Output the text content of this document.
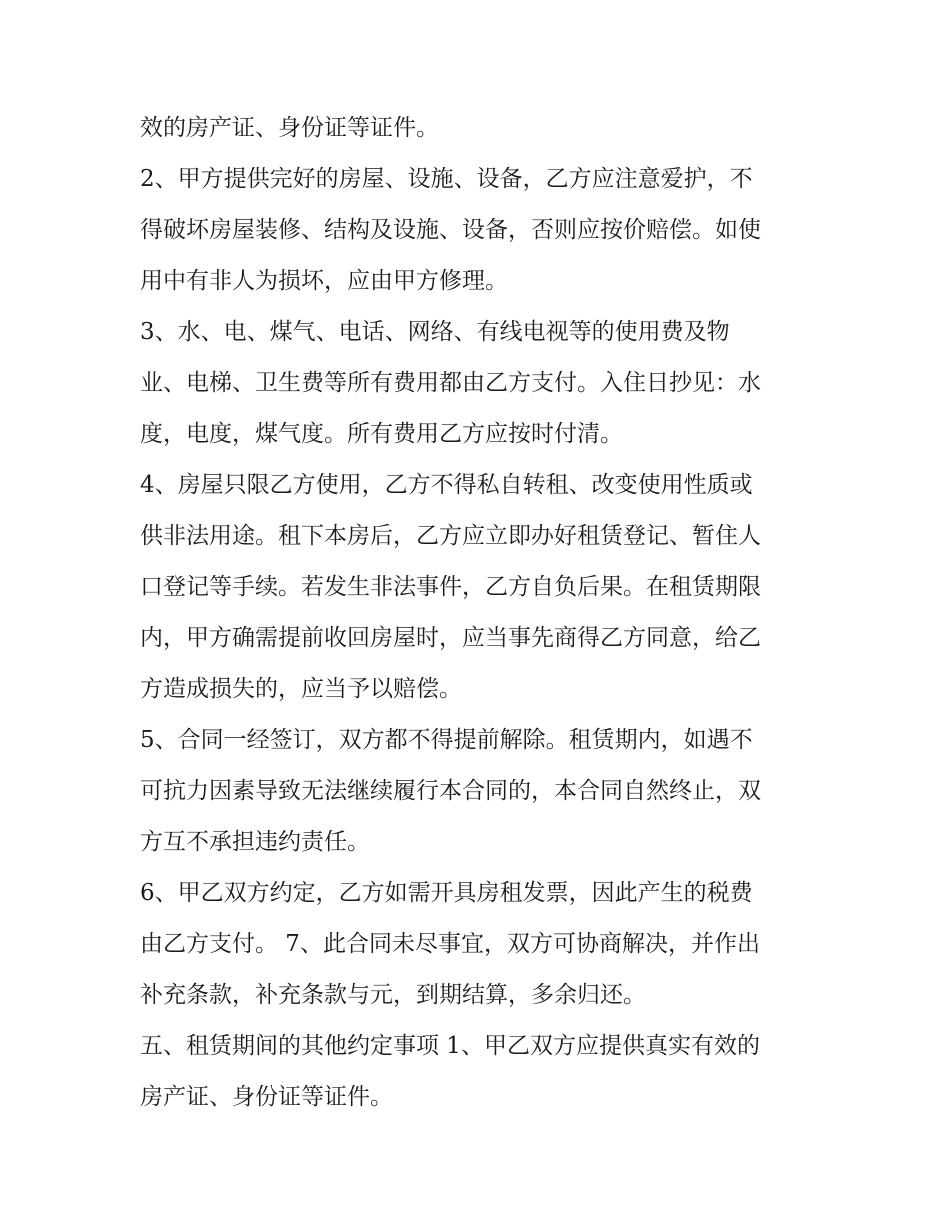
效的房产证、身份证等证件。
2、甲方提供完好的房屋、设施、设备，乙方应注意爱护，不
得破坏房屋装修、结构及设施、设备，否则应按价赔偿。如使
用中有非人为损坏，应由甲方修理。
3、水、电、煤气、电话、网络、有线电视等的使用费及物
业、电梯、卫生费等所有费用都由乙方支付。入住日抄见：水
度，电度，煤气度。所有费用乙方应按时付清。
4、房屋只限乙方使用，乙方不得私自转租、改变使用性质或
供非法用途。租下本房后，乙方应立即办好租赁登记、暂住人
口登记等手续。若发生非法事件，乙方自负后果。在租赁期限
内，甲方确需提前收回房屋时，应当事先商得乙方同意，给乙
方造成损失的，应当予以赔偿。
5、合同一经签订，双方都不得提前解除。租赁期内，如遇不
可抗力因素导致无法继续履行本合同的，本合同自然终止，双
方互不承担违约责任。
6、甲乙双方约定，乙方如需开具房租发票，因此产生的税费
由乙方支付。 7、此合同未尽事宜，双方可协商解决，并作出
补充条款，补充条款与元，到期结算，多余归还。
五、租赁期间的其他约定事项 1、甲乙双方应提供真实有效的
房产证、身份证等证件。
